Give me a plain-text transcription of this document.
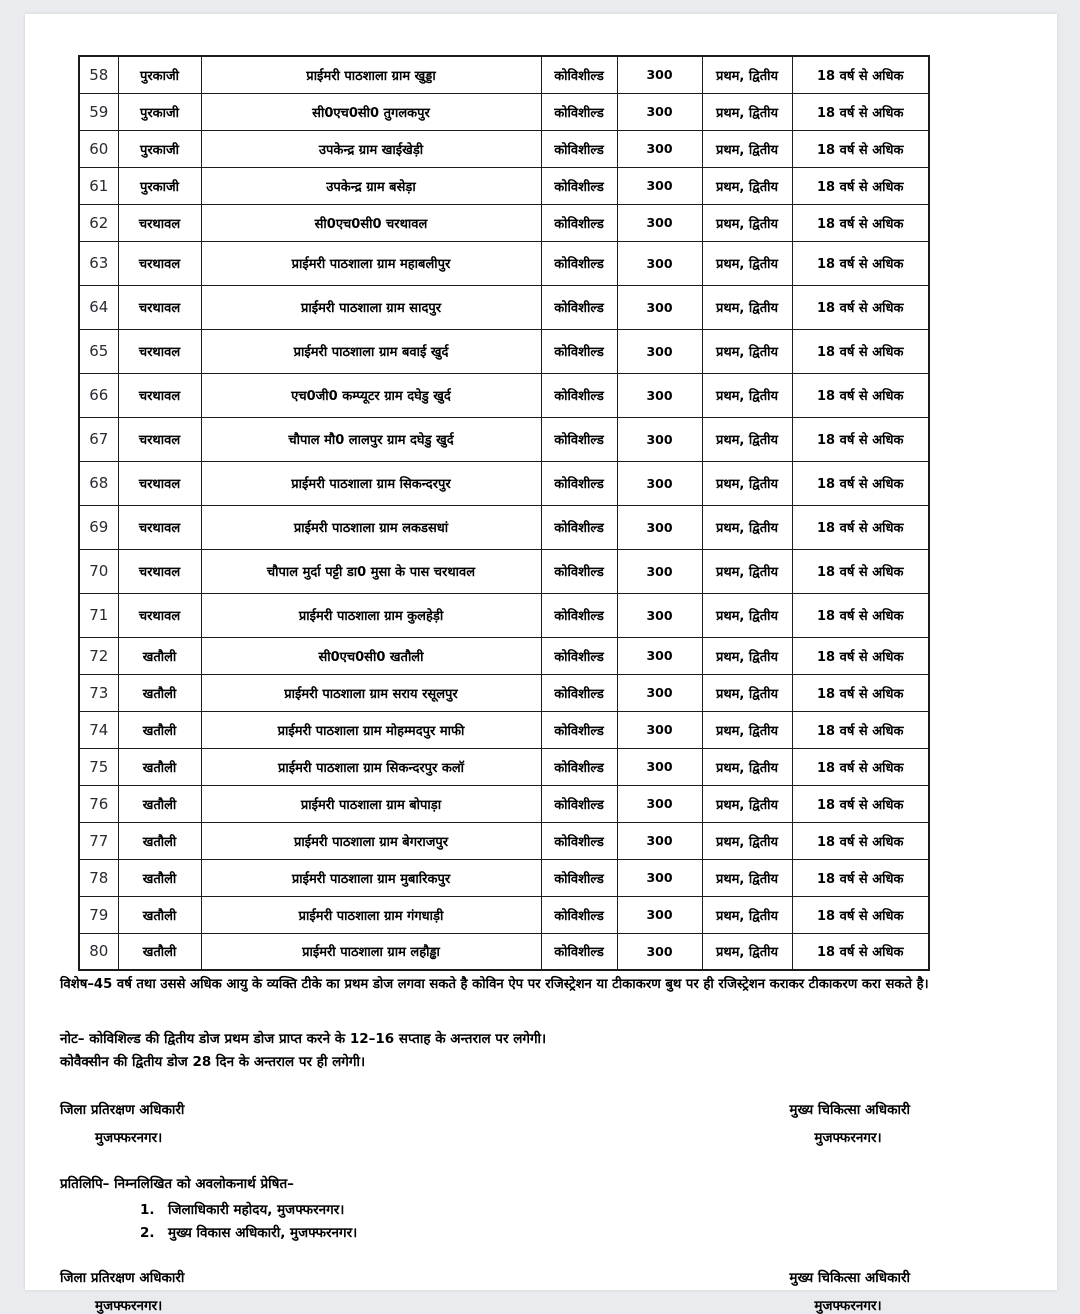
58	पुरकाजी	प्राईमरी पाठशाला ग्राम खुड्डा	कोविशील्ड	300	प्रथम, द्वितीय	18 वर्ष से अधिक
59	पुरकाजी	सी0एच0सी0 तुगलकपुर	कोविशील्ड	300	प्रथम, द्वितीय	18 वर्ष से अधिक
60	पुरकाजी	उपकेन्द्र ग्राम खाईखेड़ी	कोविशील्ड	300	प्रथम, द्वितीय	18 वर्ष से अधिक
61	पुरकाजी	उपकेन्द्र ग्राम बसेड़ा	कोविशील्ड	300	प्रथम, द्वितीय	18 वर्ष से अधिक
62	चरथावल	सी0एच0सी0 चरथावल	कोविशील्ड	300	प्रथम, द्वितीय	18 वर्ष से अधिक
63	चरथावल	प्राईमरी पाठशाला ग्राम महाबलीपुर	कोविशील्ड	300	प्रथम, द्वितीय	18 वर्ष से अधिक
64	चरथावल	प्राईमरी पाठशाला ग्राम सादपुर	कोविशील्ड	300	प्रथम, द्वितीय	18 वर्ष से अधिक
65	चरथावल	प्राईमरी पाठशाला ग्राम बवाई खुर्द	कोविशील्ड	300	प्रथम, द्वितीय	18 वर्ष से अधिक
66	चरथावल	एच0जी0 कम्प्यूटर ग्राम दघेडु खुर्द	कोविशील्ड	300	प्रथम, द्वितीय	18 वर्ष से अधिक
67	चरथावल	चौपाल मौ0 लालपुर ग्राम दघेडु खुर्द	कोविशील्ड	300	प्रथम, द्वितीय	18 वर्ष से अधिक
68	चरथावल	प्राईमरी पाठशाला ग्राम सिकन्दरपुर	कोविशील्ड	300	प्रथम, द्वितीय	18 वर्ष से अधिक
69	चरथावल	प्राईमरी पाठशाला ग्राम लकडसधां	कोविशील्ड	300	प्रथम, द्वितीय	18 वर्ष से अधिक
70	चरथावल	चौपाल मुर्दा पट्टी डा0 मुसा के पास चरथावल	कोविशील्ड	300	प्रथम, द्वितीय	18 वर्ष से अधिक
71	चरथावल	प्राईमरी पाठशाला ग्राम कुलहेड़ी	कोविशील्ड	300	प्रथम, द्वितीय	18 वर्ष से अधिक
72	खतौली	सी0एच0सी0 खतौली	कोविशील्ड	300	प्रथम, द्वितीय	18 वर्ष से अधिक
73	खतौली	प्राईमरी पाठशाला ग्राम सराय रसूलपुर	कोविशील्ड	300	प्रथम, द्वितीय	18 वर्ष से अधिक
74	खतौली	प्राईमरी पाठशाला ग्राम मोहम्मदपुर माफी	कोविशील्ड	300	प्रथम, द्वितीय	18 वर्ष से अधिक
75	खतौली	प्राईमरी पाठशाला ग्राम सिकन्दरपुर कलॉ	कोविशील्ड	300	प्रथम, द्वितीय	18 वर्ष से अधिक
76	खतौली	प्राईमरी पाठशाला ग्राम बोपाड़ा	कोविशील्ड	300	प्रथम, द्वितीय	18 वर्ष से अधिक
77	खतौली	प्राईमरी पाठशाला ग्राम बेगराजपुर	कोविशील्ड	300	प्रथम, द्वितीय	18 वर्ष से अधिक
78	खतौली	प्राईमरी पाठशाला ग्राम मुबारिकपुर	कोविशील्ड	300	प्रथम, द्वितीय	18 वर्ष से अधिक
79	खतौली	प्राईमरी पाठशाला ग्राम गंगधाड़ी	कोविशील्ड	300	प्रथम, द्वितीय	18 वर्ष से अधिक
80	खतौली	प्राईमरी पाठशाला ग्राम लहौड्ढा	कोविशील्ड	300	प्रथम, द्वितीय	18 वर्ष से अधिक
विशेष–45 वर्ष तथा उससे अधिक आयु के व्यक्ति टीके का प्रथम डोज लगवा सकते है कोविन ऐप पर रजिस्ट्रेशन या टीकाकरण बुथ पर ही रजिस्ट्रेशन कराकर टीकाकरण करा सकते है।
नोट– कोविशिल्ड की द्वितीय डोज प्रथम डोज प्राप्त करने के 12–16 सप्ताह के अन्तराल पर लगेगी।
कोवैक्सीन की द्वितीय डोज 28 दिन के अन्तराल पर ही लगेगी।
जिला प्रतिरक्षण अधिकारी
मुजफ्फरनगर।
मुख्य चिकित्सा अधिकारी
मुजफ्फरनगर।
प्रतिलिपि– निम्नलिखित को अवलोकनार्थ प्रेषित–
1. जिलाधिकारी महोदय, मुजफ्फरनगर।
2. मुख्य विकास अधिकारी, मुजफ्फरनगर।
जिला प्रतिरक्षण अधिकारी
मुजफ्फरनगर।
मुख्य चिकित्सा अधिकारी
मुजफ्फरनगर।
